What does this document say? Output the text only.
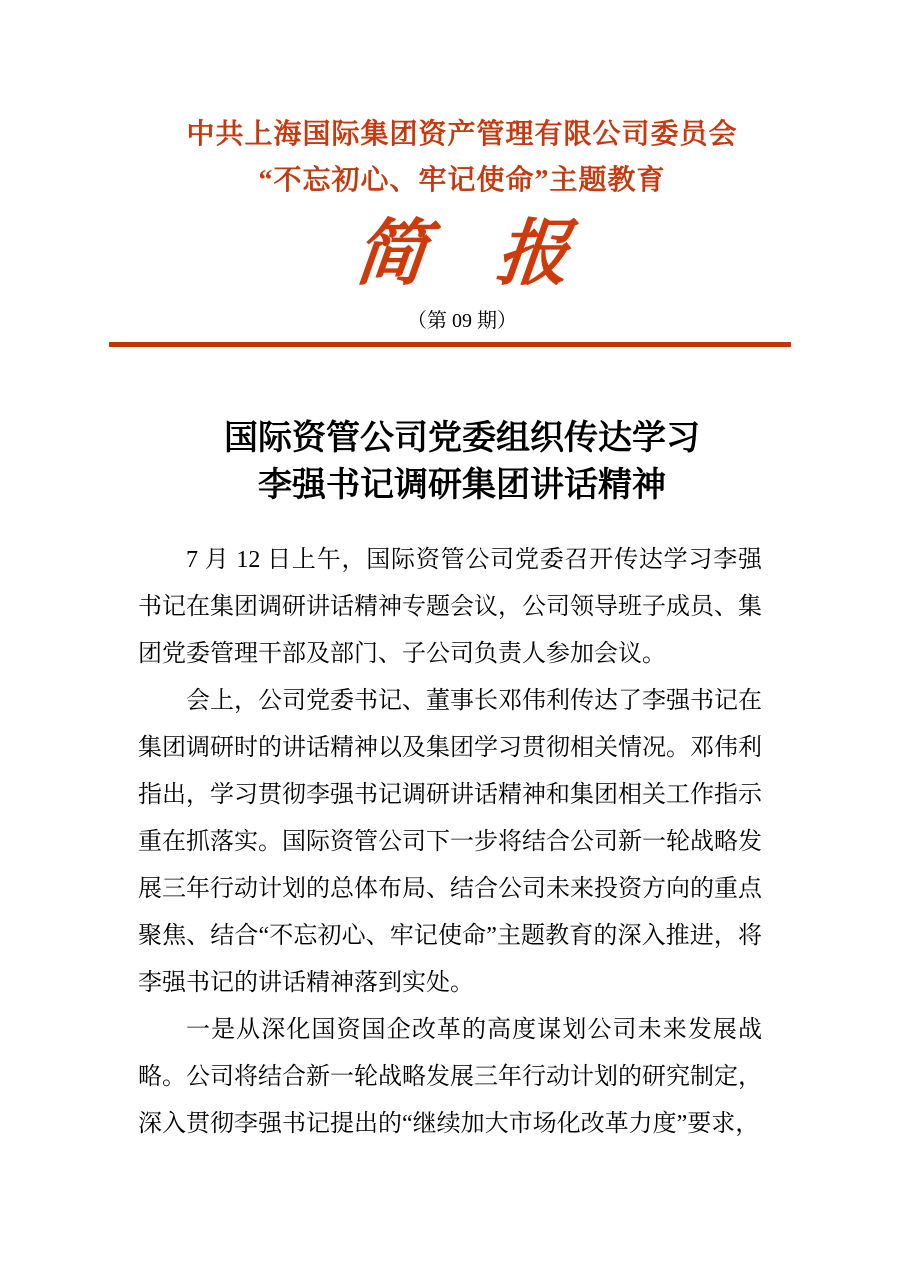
中共上海国际集团资产管理有限公司委员会
“不忘初心、牢记使命”主题教育
简 报
（第 09 期）
国际资管公司党委组织传达学习
李强书记调研集团讲话精神

7 月 12 日上午，国际资管公司党委召开传达学习李强书记在集团调研讲话精神专题会议，公司领导班子成员、集团党委管理干部及部门、子公司负责人参加会议。

会上，公司党委书记、董事长邓伟利传达了李强书记在集团调研时的讲话精神以及集团学习贯彻相关情况。邓伟利指出，学习贯彻李强书记调研讲话精神和集团相关工作指示重在抓落实。国际资管公司下一步将结合公司新一轮战略发展三年行动计划的总体布局、结合公司未来投资方向的重点聚焦、结合“不忘初心、牢记使命”主题教育的深入推进，将李强书记的讲话精神落到实处。

一是从深化国资国企改革的高度谋划公司未来发展战略。公司将结合新一轮战略发展三年行动计划的研究制定，深入贯彻李强书记提出的“继续加大市场化改革力度”要求，
